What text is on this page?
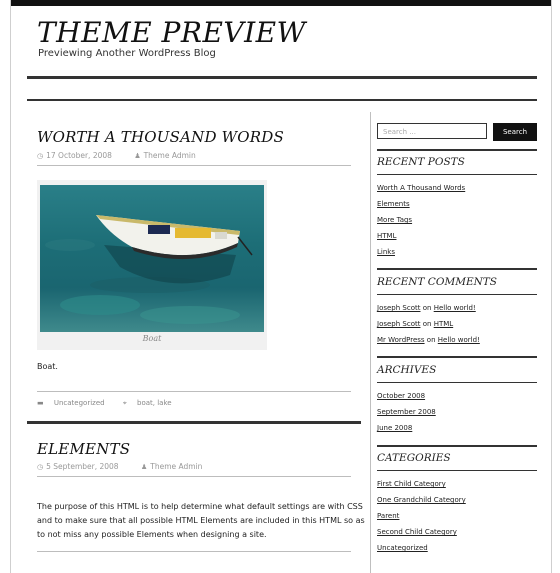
THEME PREVIEW
Previewing Another WordPress Blog
WORTH A THOUSAND WORDS
◷ 17 October, 2008	♟ Theme Admin
Boat
Boat.
▬ Uncategorized	⌖ boat, lake
ELEMENTS
◷ 5 September, 2008	♟ Theme Admin
The purpose of this HTML is to help determine what default settings are with CSS
and to make sure that all possible HTML Elements are included in this HTML so as
to not miss any possible Elements when designing a site.
Search ...	Search
RECENT POSTS
Worth A Thousand Words
Elements
More Tags
HTML
Links
RECENT COMMENTS
Joseph Scott on Hello world!
Joseph Scott on HTML
Mr WordPress on Hello world!
ARCHIVES
October 2008
September 2008
June 2008
CATEGORIES
First Child Category
One Grandchild Category
Parent
Second Child Category
Uncategorized
